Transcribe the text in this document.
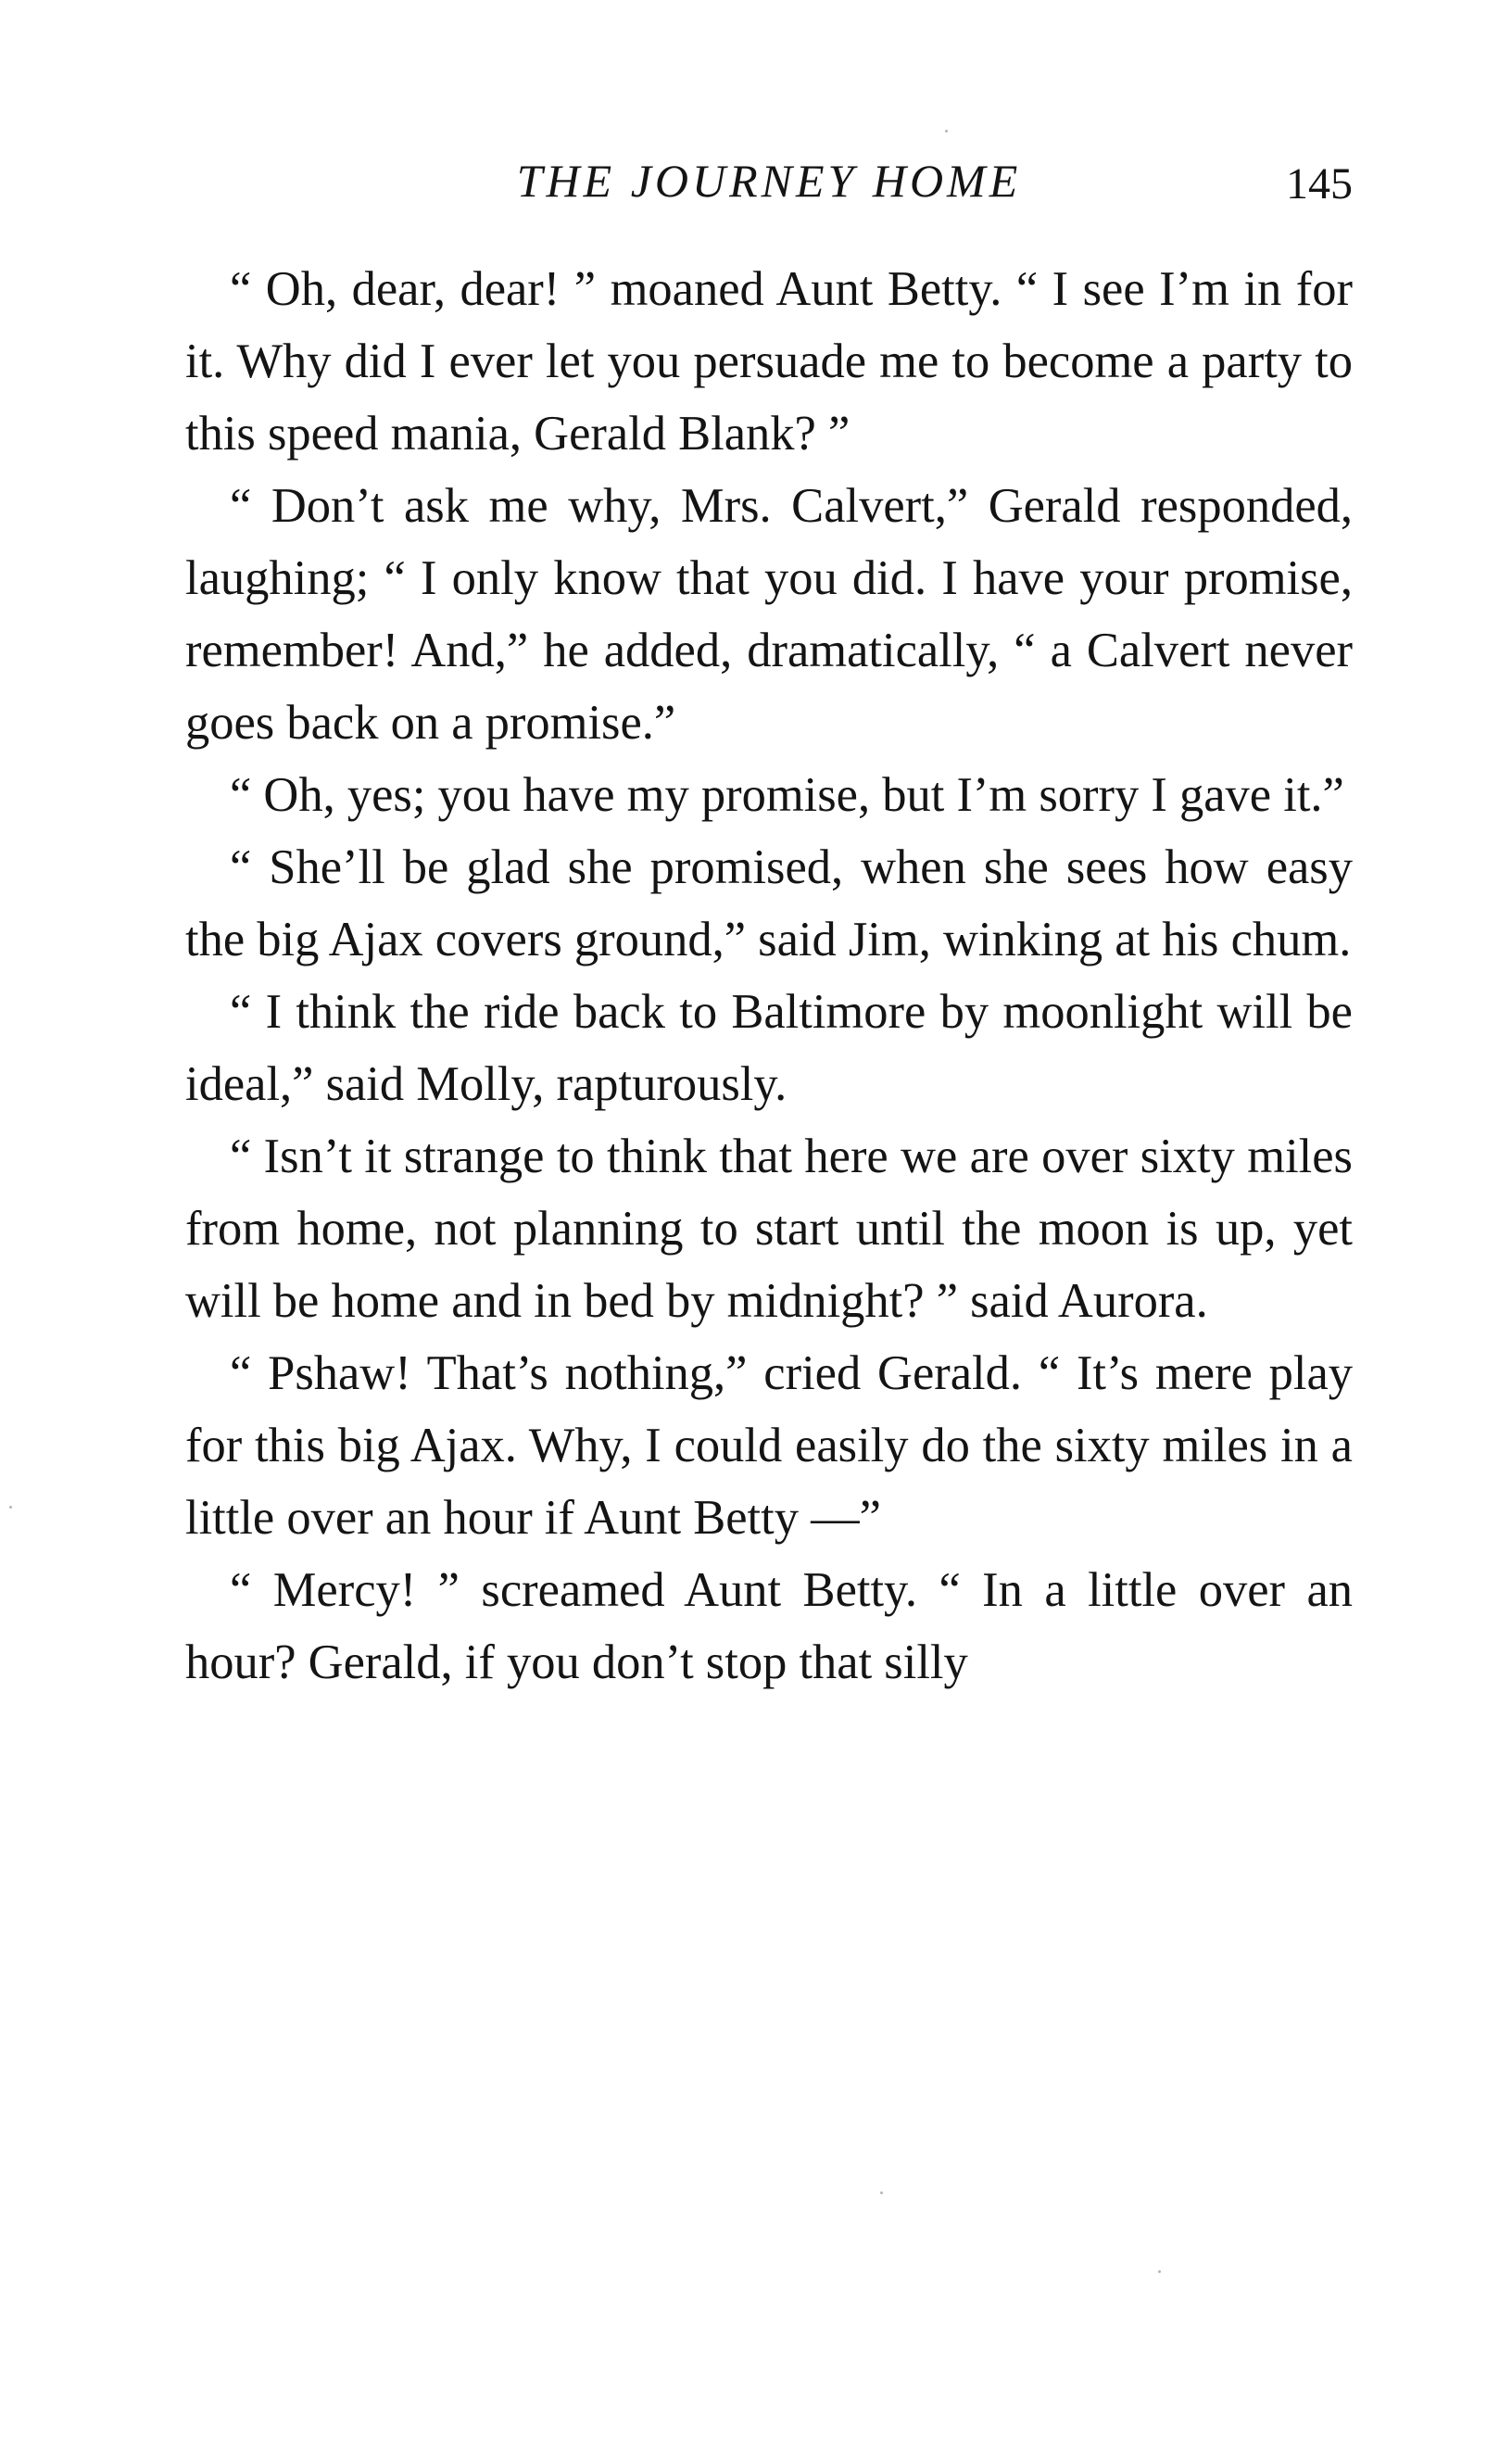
THE JOURNEY HOME	145

“ Oh, dear, dear! ” moaned Aunt Betty. “ I see I’m in for it. Why did I ever let you persuade me to become a party to this speed mania, Gerald Blank? ”

“ Don’t ask me why, Mrs. Calvert,” Gerald responded, laughing; “ I only know that you did. I have your promise, remember! And,” he added, dramatically, “ a Calvert never goes back on a promise.”

“ Oh, yes; you have my promise, but I’m sorry I gave it.”

“ She’ll be glad she promised, when she sees how easy the big Ajax covers ground,” said Jim, winking at his chum.

“ I think the ride back to Baltimore by moonlight will be ideal,” said Molly, rapturously.

“ Isn’t it strange to think that here we are over sixty miles from home, not planning to start until the moon is up, yet will be home and in bed by midnight? ” said Aurora.

“ Pshaw! That’s nothing,” cried Gerald. “ It’s mere play for this big Ajax. Why, I could easily do the sixty miles in a little over an hour if Aunt Betty —”

“ Mercy! ” screamed Aunt Betty. “ In a little over an hour? Gerald, if you don’t stop that silly
